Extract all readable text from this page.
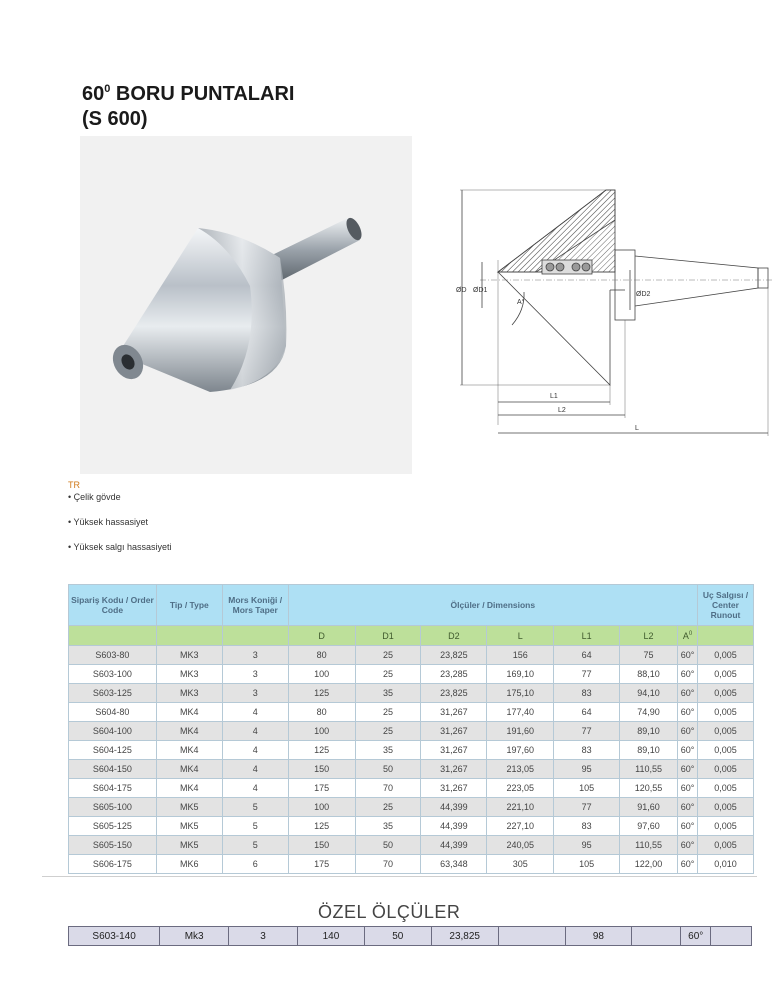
$60^0$ BORU PUNTALARI
(S 600)
ØD ØD1
ØD2
A°
L1
L2
L
TR
• Çelik gövde
• Yüksek hassasiyet
• Yüksek salgı hassasiyeti
Sipariş Kodu / Order Code	Tip / Type	Mors Koniği / Mors Taper	Ölçüler / Dimensions							Uç Salgısı / Center Runout
			D	D1	D2	L	L1	L2	$A^0$	
S603-80	MK3	3	80	25	23,825	156	64	75	60°	0,005
S603-100	MK3	3	100	25	23,285	169,10	77	88,10	60°	0,005
S603-125	MK3	3	125	35	23,825	175,10	83	94,10	60°	0,005
S604-80	MK4	4	80	25	31,267	177,40	64	74,90	60°	0,005
S604-100	MK4	4	100	25	31,267	191,60	77	89,10	60°	0,005
S604-125	MK4	4	125	35	31,267	197,60	83	89,10	60°	0,005
S604-150	MK4	4	150	50	31,267	213,05	95	110,55	60°	0,005
S604-175	MK4	4	175	70	31,267	223,05	105	120,55	60°	0,005
S605-100	MK5	5	100	25	44,399	221,10	77	91,60	60°	0,005
S605-125	MK5	5	125	35	44,399	227,10	83	97,60	60°	0,005
S605-150	MK5	5	150	50	44,399	240,05	95	110,55	60°	0,005
S606-175	MK6	6	175	70	63,348	305	105	122,00	60°	0,010
ÖZEL ÖLÇÜLER
S603-140	Mk3	3	140	50	23,825		98		60°	
